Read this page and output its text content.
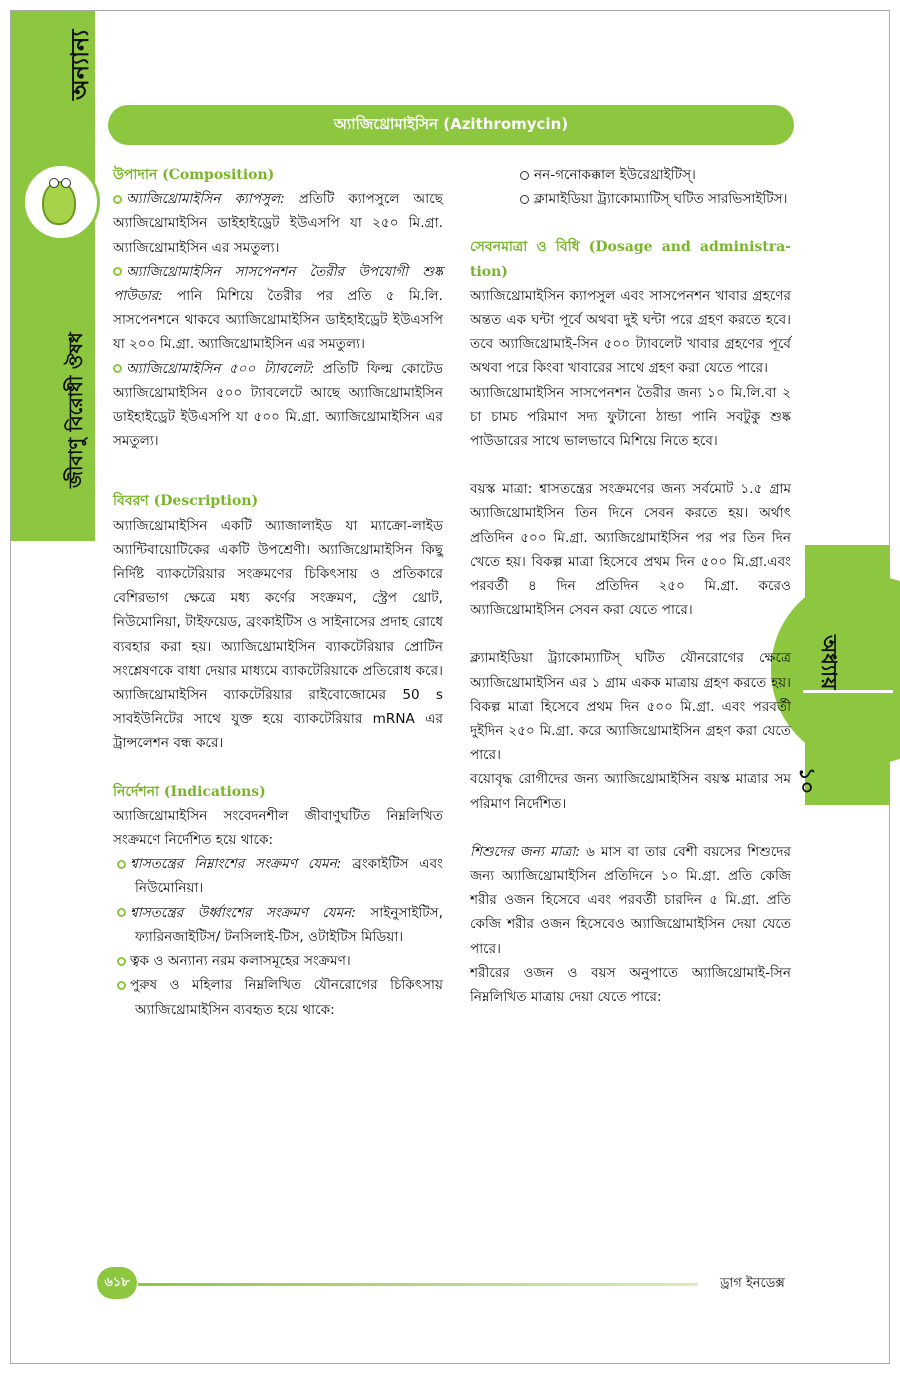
অন্যান্য
জীবাণু বিরোধী ঔষধ
অধ্যায়
১০
অ্যাজিথ্রোমাইসিন (Azithromycin)

উপাদান (Composition)

অ্যাজিথ্রোমাইসিন ক্যাপসুল: প্রতিটি ক্যাপসুলে আছে অ্যাজিথ্রোমাইসিন ডাইহাইড্রেট ইউএসপি যা ২৫০ মি.গ্রা. অ্যাজিথ্রোমাইসিন এর সমতুল্য।

অ্যাজিথ্রোমাইসিন সাসপেনশন তৈরীর উপযোগী শুষ্ক পাউডার: পানি মিশিয়ে তৈরীর পর প্রতি ৫ মি.লি. সাসপেনশনে থাকবে অ্যাজিথ্রোমাইসিন ডাইহাইড্রেট ইউএসপি যা ২০০ মি.গ্রা. অ্যাজিথ্রোমাইসিন এর সমতুল্য।

অ্যাজিথ্রোমাইসিন ৫০০ ট্যাবলেট: প্রতিটি ফিল্ম কোটেড অ্যাজিথ্রোমাইসিন ৫০০ ট্যাবলেটে আছে অ্যাজিথ্রোমাইসিন ডাইহাইড্রেট ইউএসপি যা ৫০০ মি.গ্রা. অ্যাজিথ্রোমাইসিন এর সমতুল্য।

বিবরণ (Description)

অ্যাজিথ্রোমাইসিন একটি অ্যাজালাইড যা ম্যাক্রো-লাইড অ্যান্টিবায়োটিকের একটি উপশ্রেণী। অ্যাজিথ্রোমাইসিন কিছু নির্দিষ্ট ব্যাকটেরিয়ার সংক্রমণের চিকিৎসায় ও প্রতিকারে বেশিরভাগ ক্ষেত্রে মধ্য কর্ণের সংক্রমণ, স্ট্রেপ থ্রোট, নিউমোনিয়া, টাইফয়েড, ব্রংকাইটিস ও সাইনাসের প্রদাহ রোধে ব্যবহার করা হয়। অ্যাজিথ্রোমাইসিন ব্যাকটেরিয়ার প্রোটিন সংশ্লেষণকে বাধা দেয়ার মাধ্যমে ব্যাকটেরিয়াকে প্রতিরোধ করে। অ্যাজিথ্রোমাইসিন ব্যাকটেরিয়ার রাইবোজোমের 50 s সাবইউনিটের সাথে যুক্ত হয়ে ব্যাকটেরিয়ার mRNA এর ট্রান্সলেশন বন্ধ করে।

নির্দেশনা (Indications)

অ্যাজিথ্রোমাইসিন সংবেদনশীল জীবাণুঘটিত নিম্নলিখিত সংক্রমণে নির্দেশিত হয়ে থাকে:

শ্বাসতন্ত্রের নিম্নাংশের সংক্রমণ যেমন: ব্রংকাইটিস এবং নিউমোনিয়া।

শ্বাসতন্ত্রের উর্ধ্বাংশের সংক্রমণ যেমন: সাইনুসাইটিস, ফ্যারিনজাইটিস/ টনসিলাই-টিস, ওটাইটিস মিডিয়া।

ত্বক ও অন্যান্য নরম কলাসমূহের সংক্রমণ।

পুরুষ ও মহিলার নিম্নলিখিত যৌনরোগের চিকিৎসায় অ্যাজিথ্রোমাইসিন ব্যবহৃত হয়ে থাকে:

নন-গনোকক্কাল ইউরেথ্রাইটিস্।

ক্লামাইডিয়া ট্র্যাকোম্যাটিস্ ঘটিত সারভিসাইটিস।

সেবনমাত্রা ও বিধি (Dosage and administra-tion)

অ্যাজিথ্রোমাইসিন ক্যাপসুল এবং সাসপেনশন খাবার গ্রহণের অন্তত এক ঘন্টা পূর্বে অথবা দুই ঘন্টা পরে গ্রহণ করতে হবে। তবে অ্যাজিথ্রোমাই-সিন ৫০০ ট্যাবলেট খাবার গ্রহণের পূর্বে অথবা পরে কিংবা খাবারের সাথে গ্রহণ করা যেতে পারে।

অ্যাজিথ্রোমাইসিন সাসপেনশন তৈরীর জন্য ১০ মি.লি.বা ২ চা চামচ পরিমাণ সদ্য ফুটানো ঠান্ডা পানি সবটুকু শুষ্ক পাউডারের সাথে ভালভাবে মিশিয়ে নিতে হবে।

বয়স্ক মাত্রা: শ্বাসতন্ত্রের সংক্রমণের জন্য সর্বমোট ১.৫ গ্রাম অ্যাজিথ্রোমাইসিন তিন দিনে সেবন করতে হয়। অর্থাৎ প্রতিদিন ৫০০ মি.গ্রা. অ্যাজিথ্রোমাইসিন পর পর তিন দিন খেতে হয়। বিকল্প মাত্রা হিসেবে প্রথম দিন ৫০০ মি.গ্রা.এবং পরবর্তী ৪ দিন প্রতিদিন ২৫০ মি.গ্রা. করেও অ্যাজিথ্রোমাইসিন সেবন করা যেতে পারে।

ক্ল্যামাইডিয়া ট্র্যাকোম্যাটিস্ ঘটিত যৌনরোগের ক্ষেত্রে অ্যাজিথ্রোমাইসিন এর ১ গ্রাম একক মাত্রায় গ্রহণ করতে হয়। বিকল্প মাত্রা হিসেবে প্রথম দিন ৫০০ মি.গ্রা. এবং পরবর্তী দুইদিন ২৫০ মি.গ্রা. করে অ্যাজিথ্রোমাইসিন গ্রহণ করা যেতে পারে।

বয়োবৃদ্ধ রোগীদের জন্য অ্যাজিথ্রোমাইসিন বয়স্ক মাত্রার সম পরিমাণ নির্দেশিত।

শিশুদের জন্য মাত্রা: ৬ মাস বা তার বেশী বয়সের শিশুদের জন্য অ্যাজিথ্রোমাইসিন প্রতিদিনে ১০ মি.গ্রা. প্রতি কেজি শরীর ওজন হিসেবে এবং পরবর্তী চারদিন ৫ মি.গ্রা. প্রতি কেজি শরীর ওজন হিসেবেও অ্যাজিথ্রোমাইসিন দেয়া যেতে পারে।

শরীরের ওজন ও বয়স অনুপাতে অ্যাজিথ্রোমাই-সিন নিম্নলিখিত মাত্রায় দেয়া যেতে পারে:

৬১৮	ড্রাগ ইনডেক্স
